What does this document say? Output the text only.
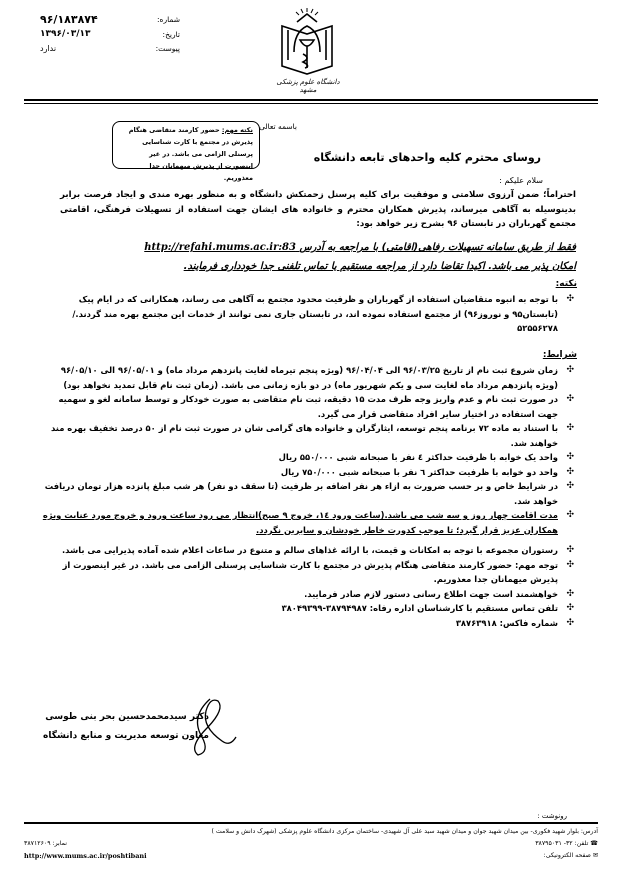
شماره:
۹۶/۱۸۳۸۷۴
تاریخ:
۱۳۹۶/۰۳/۱۳
پیوست:
ندارد
دانشگاه علوم پزشکی مشهد
نکته مهم: حضور کارمند متقاضی هنگام پذیرش در مجتمع با کارت شناسایی پرسنلی الزامی می باشد. در غیر اینصورت از پذیرش میهمانان جدا معذوریم.
باسمه تعالی
روسای محترم کلیه واحدهای تابعه دانشگاه
سلام علیکم :
احتراماً؛ ضمن آرزوی سلامتی و موفقیت برای کلیه پرسنل زحمتکش دانشگاه و به منظور بهره مندی و ایجاد فرصت برابر بدینوسیله به آگاهی میرساند، پذیرش همکاران محترم و خانواده های ایشان جهت استفاده از تسهیلات فرهنگی، اقامتی مجتمع گهرباران در تابستان ۹۶ بشرح زیر خواهد بود:
فقط از طریق سامانه تسهیلات رفاهی(اقامتی) با مراجعه به آدرس http://refahi.mums.ac.ir:83
امکان پذیر می باشد. اکیدا تقاضا دارد از مراجعه مستقیم یا تماس تلفنی جدا خودداری فرمایند.
نکته:
✣
با توجه به انبوه متقاضیان استفاده از گهرباران و ظرفیت محدود مجتمع به آگاهی می رساند، همکارانی که در ایام پیک (تابستان۹۵ و نوروز۹۶) از مجتمع استفاده نموده اند، در تابستان جاری نمی توانند از خدمات این مجتمع بهره مند گردند./۵۲۵۵۶۲۷۸
شرایط:
✣
زمان شروع ثبت نام از تاریخ ۹۶/۰۳/۲۵ الی ۹۶/۰۴/۰۴ (ویژه پنجم تیرماه لغایت پانزدهم مرداد ماه) و ۹۶/۰۵/۰۱ الی ۹۶/۰۵/۱۰ (ویژه پانزدهم مرداد ماه لغایت سی و یکم شهریور ماه) در دو بازه زمانی می باشد. (زمان ثبت نام قابل تمدید نخواهد بود)
✣
در صورت ثبت نام و عدم واریز وجه ظرف مدت ۱۵ دقیقه، ثبت نام متقاضی به صورت خودکار و توسط سامانه لغو و سهمیه جهت استفاده در اختیار سایر افراد متقاضی قرار می گیرد.
✣
با استناد به ماده ۷۲ برنامه پنجم توسعه، ایثارگران و خانواده های گرامی شان در صورت ثبت نام از ۵۰ درصد تخفیف بهره مند خواهند شد.
✣
واحد یک خوابه با ظرفیت حداکثر ٤ نفر با صبحانه شبی ۵۵۰/۰۰۰ ریال
✣
واحد دو خوابه با ظرفیت حداکثر ٦ نفر با صبحانه شبی ۷۵۰/۰۰۰ ریال
✣
در شرایط خاص و بر حسب ضرورت به ازاء هر نفر اضافه بر ظرفیت (تا سقف دو نفر) هر شب مبلغ پانزده هزار تومان دریافت خواهد شد.
✣
مدت اقامت چهار روز و سه شب می باشد.(ساعت ورود ١٤، خروج ۹ صبح)انتظار می رود ساعت ورود و خروج مورد عنایت ویژه همکاران عزیز قرار گیرد؛ تا موجب کدورت خاطر خودشان و سایرین نگردد.
✣
رستوران مجموعه با توجه به امکانات و قیمت، با ارائه غذاهای سالم و متنوع در ساعات اعلام شده آماده پذیرایی می باشد.
✣
توجه مهم: حضور کارمند متقاضی هنگام پذیرش در مجتمع با کارت شناسایی پرسنلی الزامی می باشد. در غیر اینصورت از پذیرش میهمانان جدا معذوریم.
✣
خواهشمند است جهت اطلاع رسانی دستور لازم صادر فرمایید.
✣
تلفن تماس مستقیم با کارشناسان اداره رفاه: ۳۸۷۹۴۹۸۷-۳۸۰۴۹۳۹۹
✣
شماره فاکس: ۳۸۷۶۳۹۱۸
دکتر سیدمحمدحسین بحر بنی طوسی
معاون توسعه مدیریت و منابع دانشگاه
رونوشت :
آدرس: بلوار شهید فکوری- بین میدان شهید جوان و میدان شهید سید علی آل شهیدی- ساختمان مرکزی دانشگاه علوم پزشکی (شهرک دانش و سلامت )
☎ تلفن: ۳۲- ۳۸۷۹۵۰۳۱
نمابر: ۳۸۷۱۲۶۰۹
✉ صفحه الکترونیکی:
http://www.mums.ac.ir/poshtibani
